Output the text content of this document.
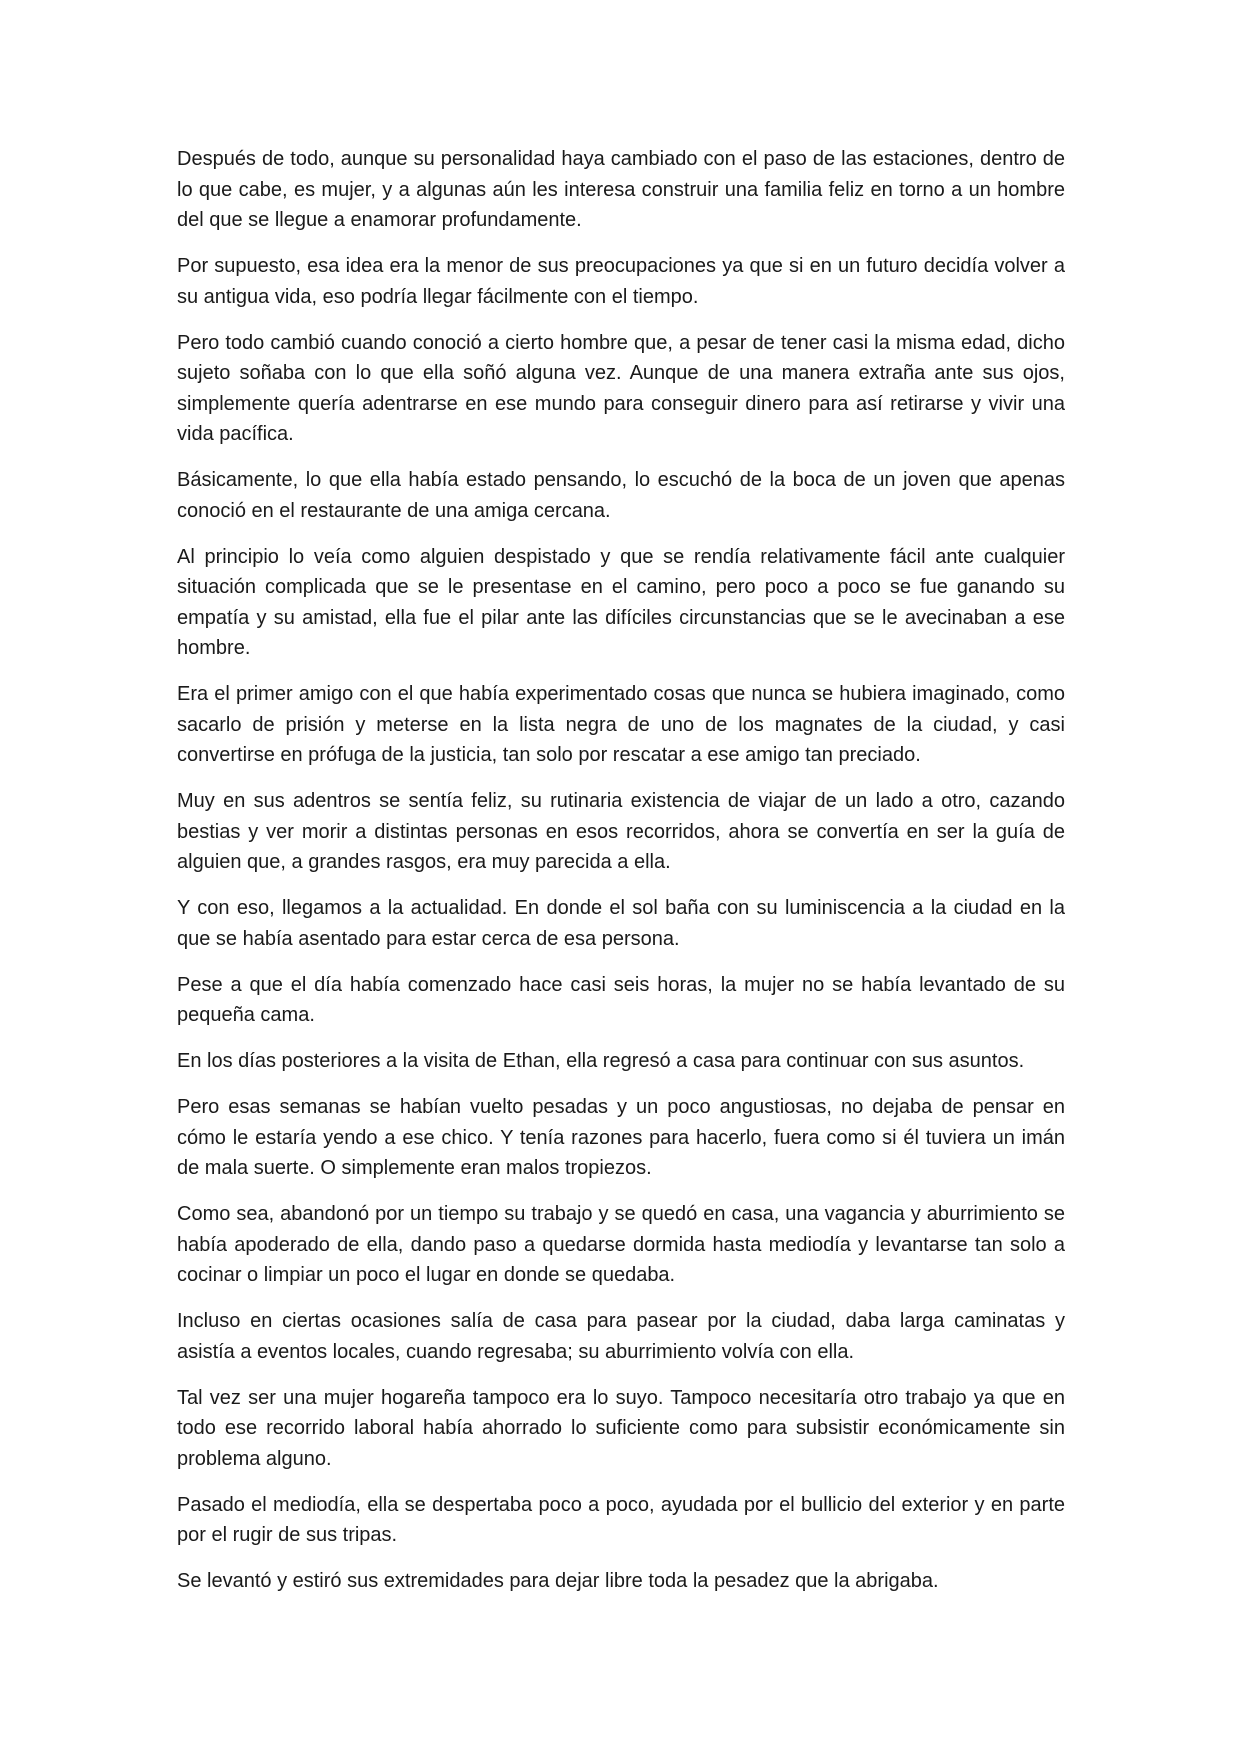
Después de todo, aunque su personalidad haya cambiado con el paso de las estaciones, dentro de lo que cabe, es mujer, y a algunas aún les interesa construir una familia feliz en torno a un hombre del que se llegue a enamorar profundamente.

Por supuesto, esa idea era la menor de sus preocupaciones ya que si en un futuro decidía volver a su antigua vida, eso podría llegar fácilmente con el tiempo.

Pero todo cambió cuando conoció a cierto hombre que, a pesar de tener casi la misma edad, dicho sujeto soñaba con lo que ella soñó alguna vez. Aunque de una manera extraña ante sus ojos, simplemente quería adentrarse en ese mundo para conseguir dinero para así retirarse y vivir una vida pacífica.

Básicamente, lo que ella había estado pensando, lo escuchó de la boca de un joven que apenas conoció en el restaurante de una amiga cercana.

Al principio lo veía como alguien despistado y que se rendía relativamente fácil ante cualquier situación complicada que se le presentase en el camino, pero poco a poco se fue ganando su empatía y su amistad, ella fue el pilar ante las difíciles circunstancias que se le avecinaban a ese hombre.

Era el primer amigo con el que había experimentado cosas que nunca se hubiera imaginado, como sacarlo de prisión y meterse en la lista negra de uno de los magnates de la ciudad, y casi convertirse en prófuga de la justicia, tan solo por rescatar a ese amigo tan preciado.

Muy en sus adentros se sentía feliz, su rutinaria existencia de viajar de un lado a otro, cazando bestias y ver morir a distintas personas en esos recorridos, ahora se convertía en ser la guía de alguien que, a grandes rasgos, era muy parecida a ella.

Y con eso, llegamos a la actualidad. En donde el sol baña con su luminiscencia a la ciudad en la que se había asentado para estar cerca de esa persona.

Pese a que el día había comenzado hace casi seis horas, la mujer no se había levantado de su pequeña cama.

En los días posteriores a la visita de Ethan, ella regresó a casa para continuar con sus asuntos.

Pero esas semanas se habían vuelto pesadas y un poco angustiosas, no dejaba de pensar en cómo le estaría yendo a ese chico. Y tenía razones para hacerlo, fuera como si él tuviera un imán de mala suerte. O simplemente eran malos tropiezos.

Como sea, abandonó por un tiempo su trabajo y se quedó en casa, una vagancia y aburrimiento se había apoderado de ella, dando paso a quedarse dormida hasta mediodía y levantarse tan solo a cocinar o limpiar un poco el lugar en donde se quedaba.

Incluso en ciertas ocasiones salía de casa para pasear por la ciudad, daba larga caminatas y asistía a eventos locales, cuando regresaba; su aburrimiento volvía con ella.

Tal vez ser una mujer hogareña tampoco era lo suyo. Tampoco necesitaría otro trabajo ya que en todo ese recorrido laboral había ahorrado lo suficiente como para subsistir económicamente sin problema alguno.

Pasado el mediodía, ella se despertaba poco a poco, ayudada por el bullicio del exterior y en parte por el rugir de sus tripas.

Se levantó y estiró sus extremidades para dejar libre toda la pesadez que la abrigaba.
